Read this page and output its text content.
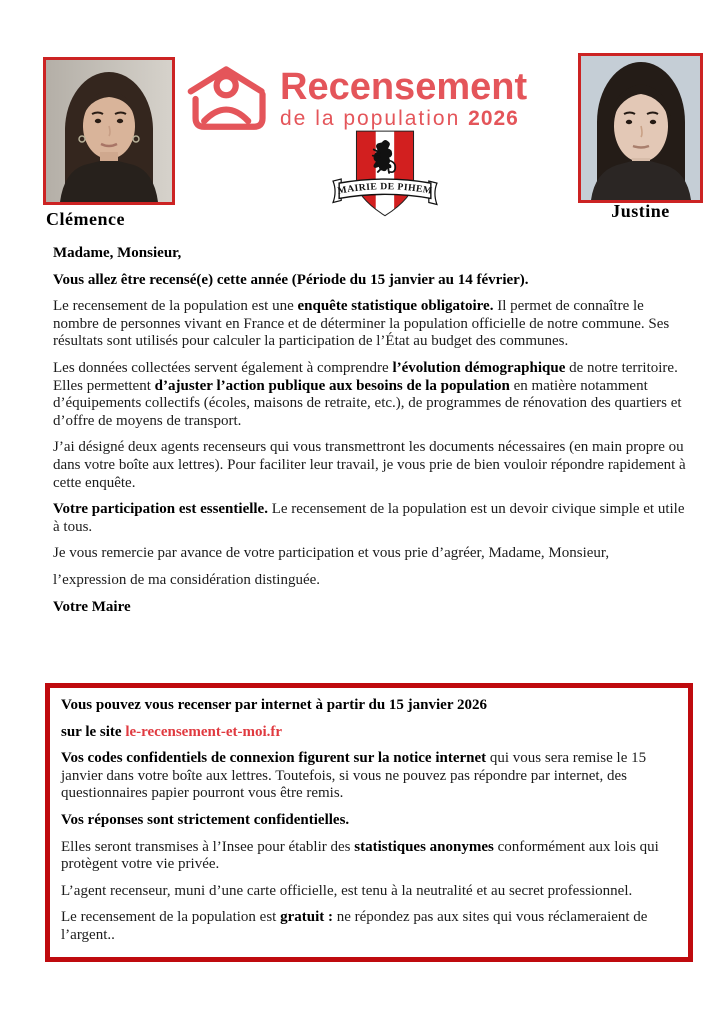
Clémence
Recensement
de la population 2026
Justine
MAIRIE DE PIHEM

Madame, Monsieur,

Vous allez être recensé(e) cette année (Période du 15 janvier au 14 février).

Le recensement de la population est une enquête statistique obligatoire. Il permet de connaître le nombre de personnes vivant en France et de déterminer la population officielle de notre commune. Ses résultats sont utilisés pour calculer la participation de l’État au budget des communes.

Les données collectées servent également à comprendre l’évolution démographique de notre territoire. Elles permettent d’ajuster l’action publique aux besoins de la population en matière notamment d’équipements collectifs (écoles, maisons de retraite, etc.), de programmes de rénovation des quartiers et d’offre de moyens de transport.

J’ai désigné deux agents recenseurs qui vous transmettront les documents nécessaires (en main propre ou dans votre boîte aux lettres). Pour faciliter leur travail, je vous prie de bien vouloir répondre rapidement à cette enquête.

Votre participation est essentielle. Le recensement de la population est un devoir civique simple et utile à tous.

Je vous remercie par avance de votre participation et vous prie d’agréer, Madame, Monsieur,

l’expression de ma considération distinguée.

Votre Maire

Vous pouvez vous recenser par internet à partir du 15 janvier 2026

sur le site le-recensement-et-moi.fr

Vos codes confidentiels de connexion figurent sur la notice internet qui vous sera remise le 15 janvier dans votre boîte aux lettres. Toutefois, si vous ne pouvez pas répondre par internet, des questionnaires papier pourront vous être remis.

Vos réponses sont strictement confidentielles.

Elles seront transmises à l’Insee pour établir des statistiques anonymes conformément aux lois qui protègent votre vie privée.

L’agent recenseur, muni d’une carte officielle, est tenu à la neutralité et au secret professionnel.

Le recensement de la population est gratuit : ne répondez pas aux sites qui vous réclameraient de l’argent..
